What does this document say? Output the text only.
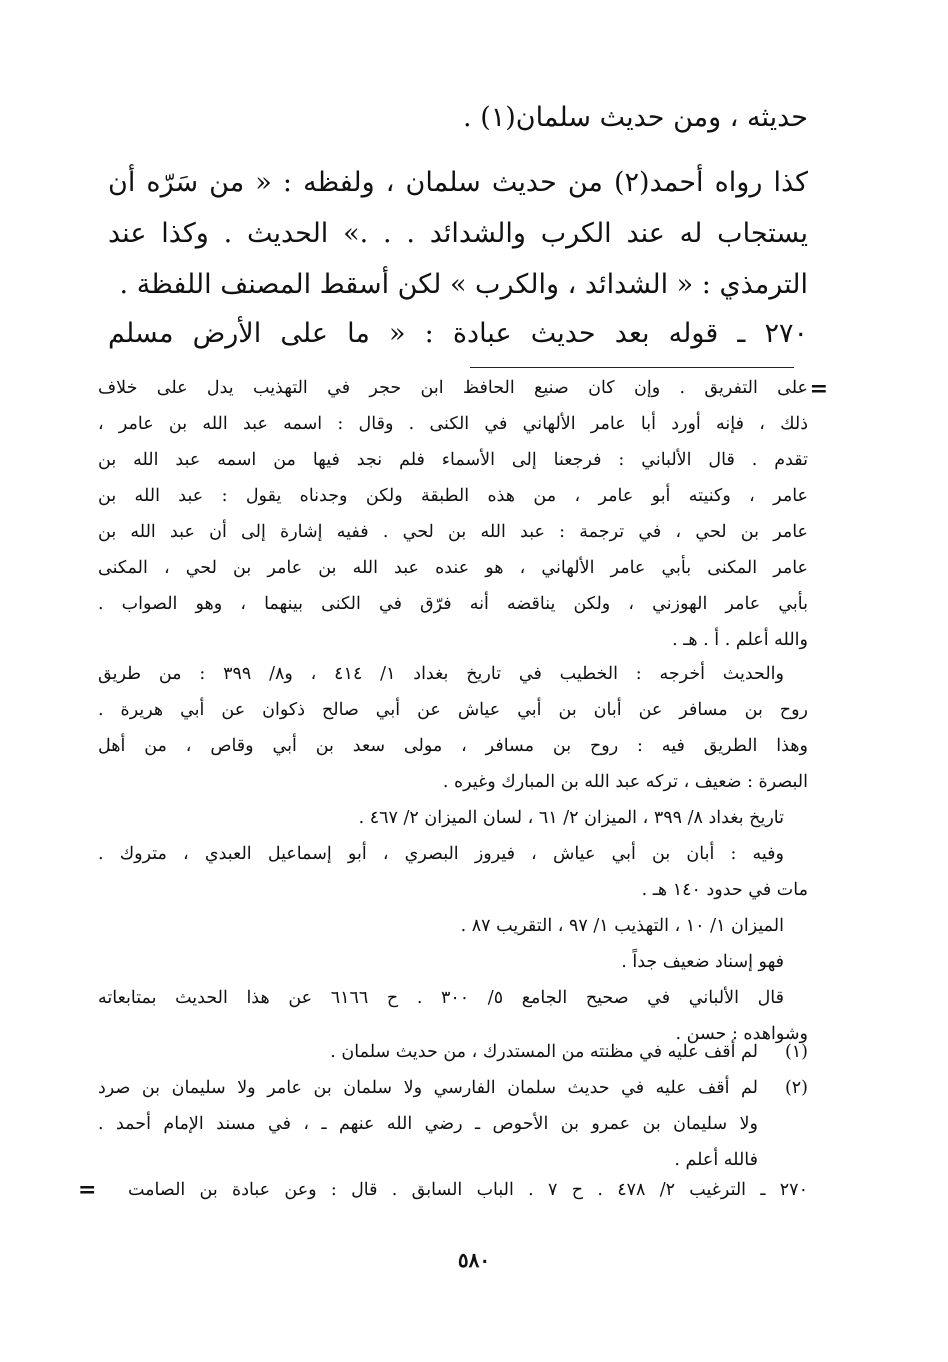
حديثه ، ومن حديث سلمان(١) .
كذا رواه أحمد(٢) من حديث سلمان ، ولفظه : « من سَرّه أن
يستجاب له عند الكرب والشدائد . . .» الحديث . وكذا عند
الترمذي : « الشدائد ، والكرب » لكن أسقط المصنف اللفظة .
٢٧٠ ـ قوله بعد حديث عبادة : « ما على الأرض مسلم
=
على التفريق . وإن كان صنيع الحافظ ابن حجر في التهذيب يدل على خلاف
ذلك ، فإنه أورد أبا عامر الألهاني في الكنى . وقال : اسمه عبد الله بن عامر ،
تقدم . قال الألباني : فرجعنا إلى الأسماء فلم نجد فيها من اسمه عبد الله بن
عامر ، وكنيته أبو عامر ، من هذه الطبقة ولكن وجدناه يقول : عبد الله بن
عامر بن لحي ، في ترجمة : عبد الله بن لحي . ففيه إشارة إلى أن عبد الله بن
عامر المكنى بأبي عامر الألهاني ، هو عنده عبد الله بن عامر بن لحي ، المكنى
بأبي عامر الهوزني ، ولكن يناقضه أنه فرّق في الكنى بينهما ، وهو الصواب .
والله أعلم . أ . هـ .
والحديث أخرجه : الخطيب في تاريخ بغداد ١/ ٤١٤ ، و٨/ ٣٩٩ : من طريق
روح بن مسافر عن أبان بن أبي عياش عن أبي صالح ذكوان عن أبي هريرة .
وهذا الطريق فيه : روح بن مسافر ، مولى سعد بن أبي وقاص ، من أهل
البصرة : ضعيف ، تركه عبد الله بن المبارك وغيره .
تاريخ بغداد ٨/ ٣٩٩ ، الميزان ٢/ ٦١ ، لسان الميزان ٢/ ٤٦٧ .
وفيه : أبان بن أبي عياش ، فيروز البصري ، أبو إسماعيل العبدي ، متروك .
مات في حدود ١٤٠ هـ .
الميزان ١/ ١٠ ، التهذيب ١/ ٩٧ ، التقريب ٨٧ .
فهو إسناد ضعيف جداً .
قال الألباني في صحيح الجامع ٥/ ٣٠٠ . ح ٦١٦٦ عن هذا الحديث بمتابعاته
وشواهده : حسن .
(١)
لم أقف عليه في مظنته من المستدرك ، من حديث سلمان .
(٢)
لم أقف عليه في حديث سلمان الفارسي ولا سلمان بن عامر ولا سليمان بن صرد
ولا سليمان بن عمرو بن الأحوص ـ رضي الله عنهم ـ ، في مسند الإمام أحمد .
فالله أعلم .
٢٧٠ ـ الترغيب ٢/ ٤٧٨ . ح ٧ . الباب السابق . قال : وعن عبادة بن الصامت
=
٥٨٠
